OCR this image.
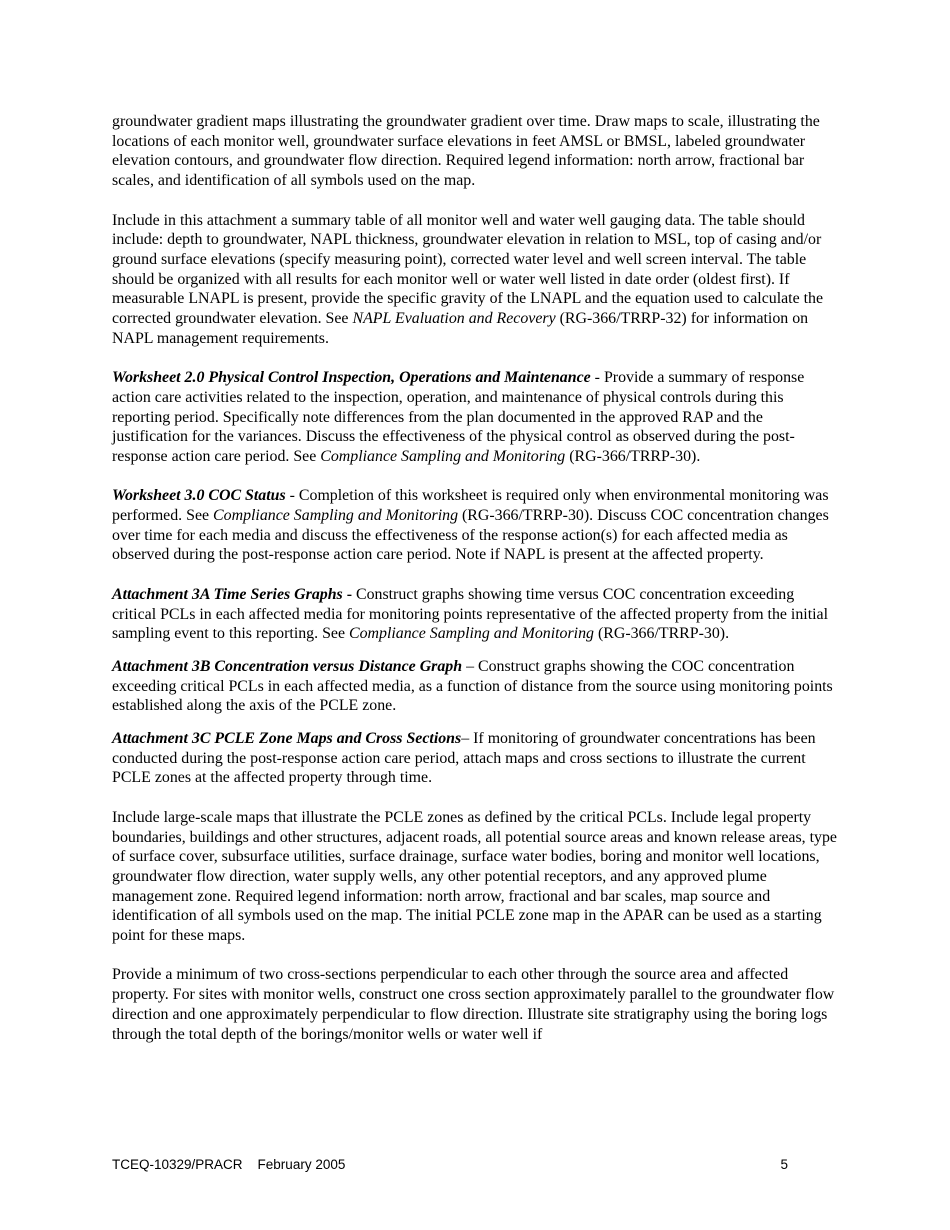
groundwater gradient maps illustrating the groundwater gradient over time. Draw maps to scale, illustrating the locations of each monitor well, groundwater surface elevations in feet AMSL or BMSL, labeled groundwater elevation contours, and groundwater flow direction. Required legend information: north arrow, fractional bar scales, and identification of all symbols used on the map.

Include in this attachment a summary table of all monitor well and water well gauging data. The table should include: depth to groundwater, NAPL thickness, groundwater elevation in relation to MSL, top of casing and/or ground surface elevations (specify measuring point), corrected water level and well screen interval. The table should be organized with all results for each monitor well or water well listed in date order (oldest first). If measurable LNAPL is present, provide the specific gravity of the LNAPL and the equation used to calculate the corrected groundwater elevation. See NAPL Evaluation and Recovery (RG-366/TRRP-32) for information on NAPL management requirements.

Worksheet 2.0 Physical Control Inspection, Operations and Maintenance - Provide a summary of response action care activities related to the inspection, operation, and maintenance of physical controls during this reporting period. Specifically note differences from the plan documented in the approved RAP and the justification for the variances. Discuss the effectiveness of the physical control as observed during the post-response action care period. See Compliance Sampling and Monitoring (RG-366/TRRP-30).

Worksheet 3.0 COC Status - Completion of this worksheet is required only when environmental monitoring was performed. See Compliance Sampling and Monitoring (RG-366/TRRP-30). Discuss COC concentration changes over time for each media and discuss the effectiveness of the response action(s) for each affected media as observed during the post-response action care period. Note if NAPL is present at the affected property.

Attachment 3A Time Series Graphs - Construct graphs showing time versus COC concentration exceeding critical PCLs in each affected media for monitoring points representative of the affected property from the initial sampling event to this reporting. See Compliance Sampling and Monitoring (RG-366/TRRP-30).

Attachment 3B Concentration versus Distance Graph – Construct graphs showing the COC concentration exceeding critical PCLs in each affected media, as a function of distance from the source using monitoring points established along the axis of the PCLE zone.

Attachment 3C PCLE Zone Maps and Cross Sections– If monitoring of groundwater concentrations has been conducted during the post-response action care period, attach maps and cross sections to illustrate the current PCLE zones at the affected property through time.

Include large-scale maps that illustrate the PCLE zones as defined by the critical PCLs. Include legal property boundaries, buildings and other structures, adjacent roads, all potential source areas and known release areas, type of surface cover, subsurface utilities, surface drainage, surface water bodies, boring and monitor well locations, groundwater flow direction, water supply wells, any other potential receptors, and any approved plume management zone. Required legend information: north arrow, fractional and bar scales, map source and identification of all symbols used on the map. The initial PCLE zone map in the APAR can be used as a starting point for these maps.

Provide a minimum of two cross-sections perpendicular to each other through the source area and affected property. For sites with monitor wells, construct one cross section approximately parallel to the groundwater flow direction and one approximately perpendicular to flow direction. Illustrate site stratigraphy using the boring logs through the total depth of the borings/monitor wells or water well if

TCEQ-10329/PRACR    February 2005	5
